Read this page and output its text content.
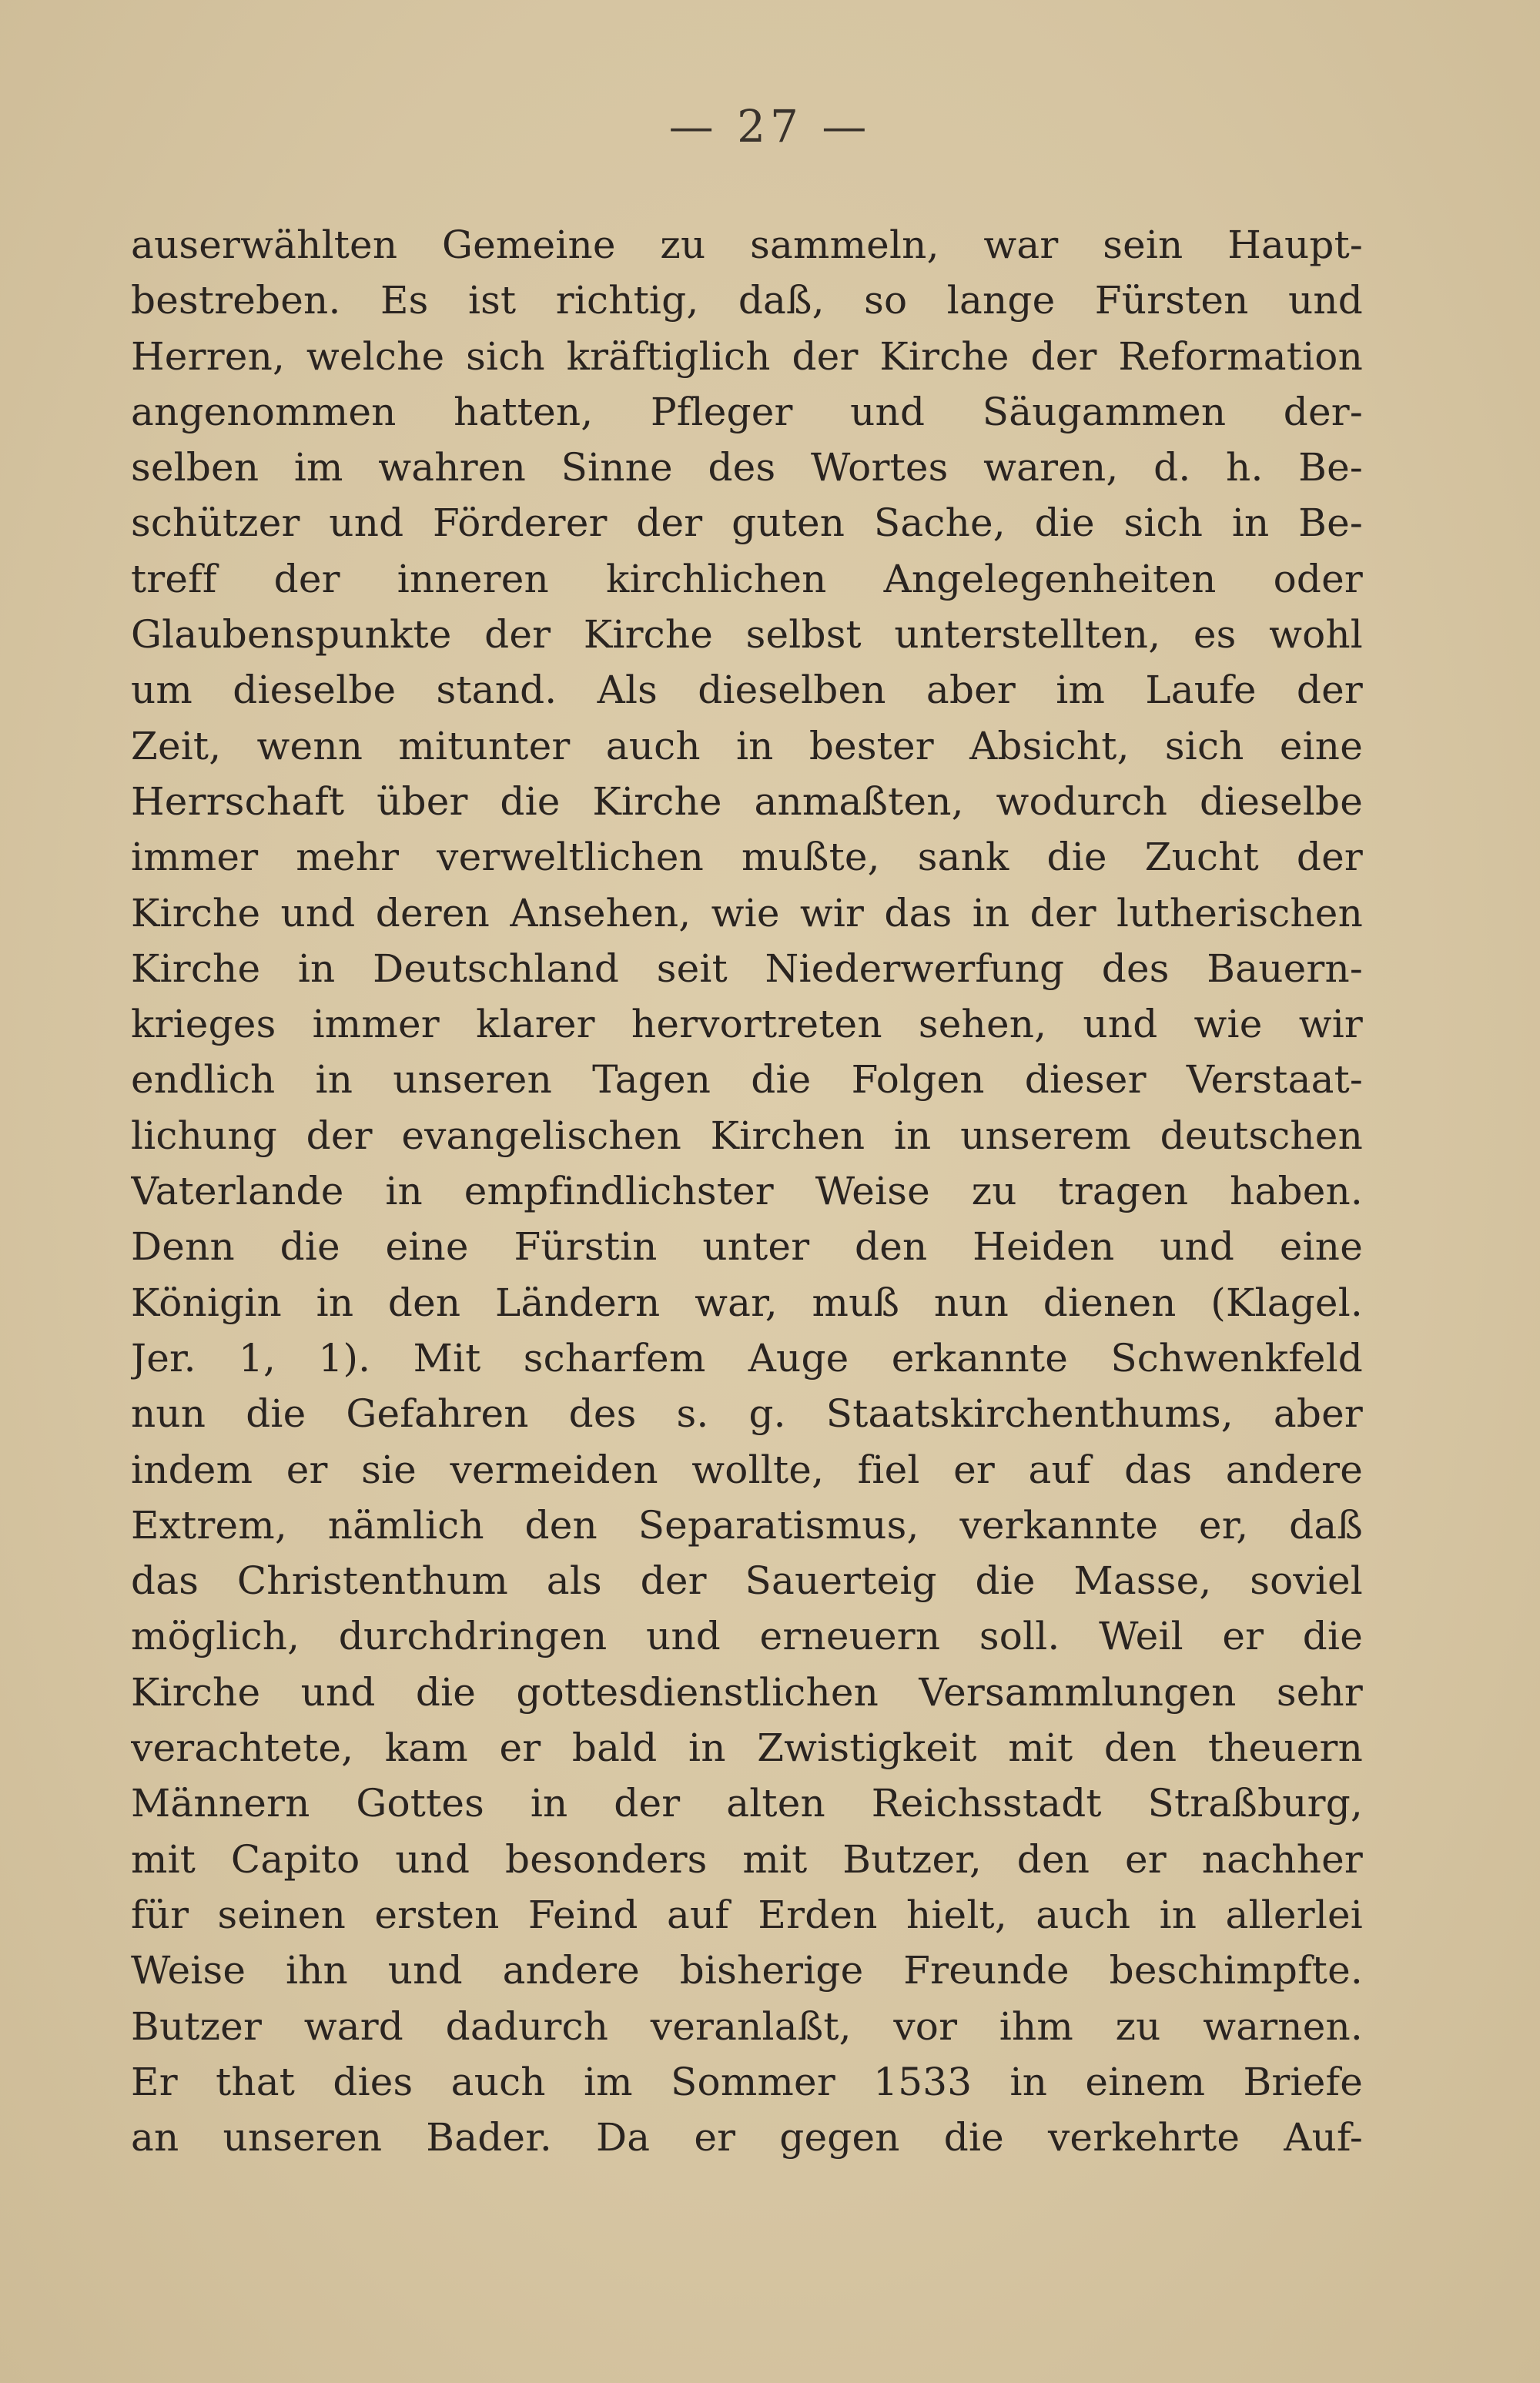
— 27 —
auserwählten Gemeine zu sammeln, war sein Haupt-
bestreben. Es ist richtig, daß, so lange Fürsten und
Herren, welche sich kräftiglich der Kirche der Reformation
angenommen hatten, Pfleger und Säugammen der-
selben im wahren Sinne des Wortes waren, d. h. Be-
schützer und Förderer der guten Sache, die sich in Be-
treff der inneren kirchlichen Angelegenheiten oder
Glaubenspunkte der Kirche selbst unterstellten, es wohl
um dieselbe stand. Als dieselben aber im Laufe der
Zeit, wenn mitunter auch in bester Absicht, sich eine
Herrschaft über die Kirche anmaßten, wodurch dieselbe
immer mehr verweltlichen mußte, sank die Zucht der
Kirche und deren Ansehen, wie wir das in der lutherischen
Kirche in Deutschland seit Niederwerfung des Bauern-
krieges immer klarer hervortreten sehen, und wie wir
endlich in unseren Tagen die Folgen dieser Verstaat-
lichung der evangelischen Kirchen in unserem deutschen
Vaterlande in empfindlichster Weise zu tragen haben.
Denn die eine Fürstin unter den Heiden und eine
Königin in den Ländern war, muß nun dienen (Klagel.
Jer. 1, 1). Mit scharfem Auge erkannte Schwenkfeld
nun die Gefahren des s. g. Staatskirchenthums, aber
indem er sie vermeiden wollte, fiel er auf das andere
Extrem, nämlich den Separatismus, verkannte er, daß
das Christenthum als der Sauerteig die Masse, soviel
möglich, durchdringen und erneuern soll. Weil er die
Kirche und die gottesdienstlichen Versammlungen sehr
verachtete, kam er bald in Zwistigkeit mit den theuern
Männern Gottes in der alten Reichsstadt Straßburg,
mit Capito und besonders mit Butzer, den er nachher
für seinen ersten Feind auf Erden hielt, auch in allerlei
Weise ihn und andere bisherige Freunde beschimpfte.
Butzer ward dadurch veranlaßt, vor ihm zu warnen.
Er that dies auch im Sommer 1533 in einem Briefe
an unseren Bader. Da er gegen die verkehrte Auf-
